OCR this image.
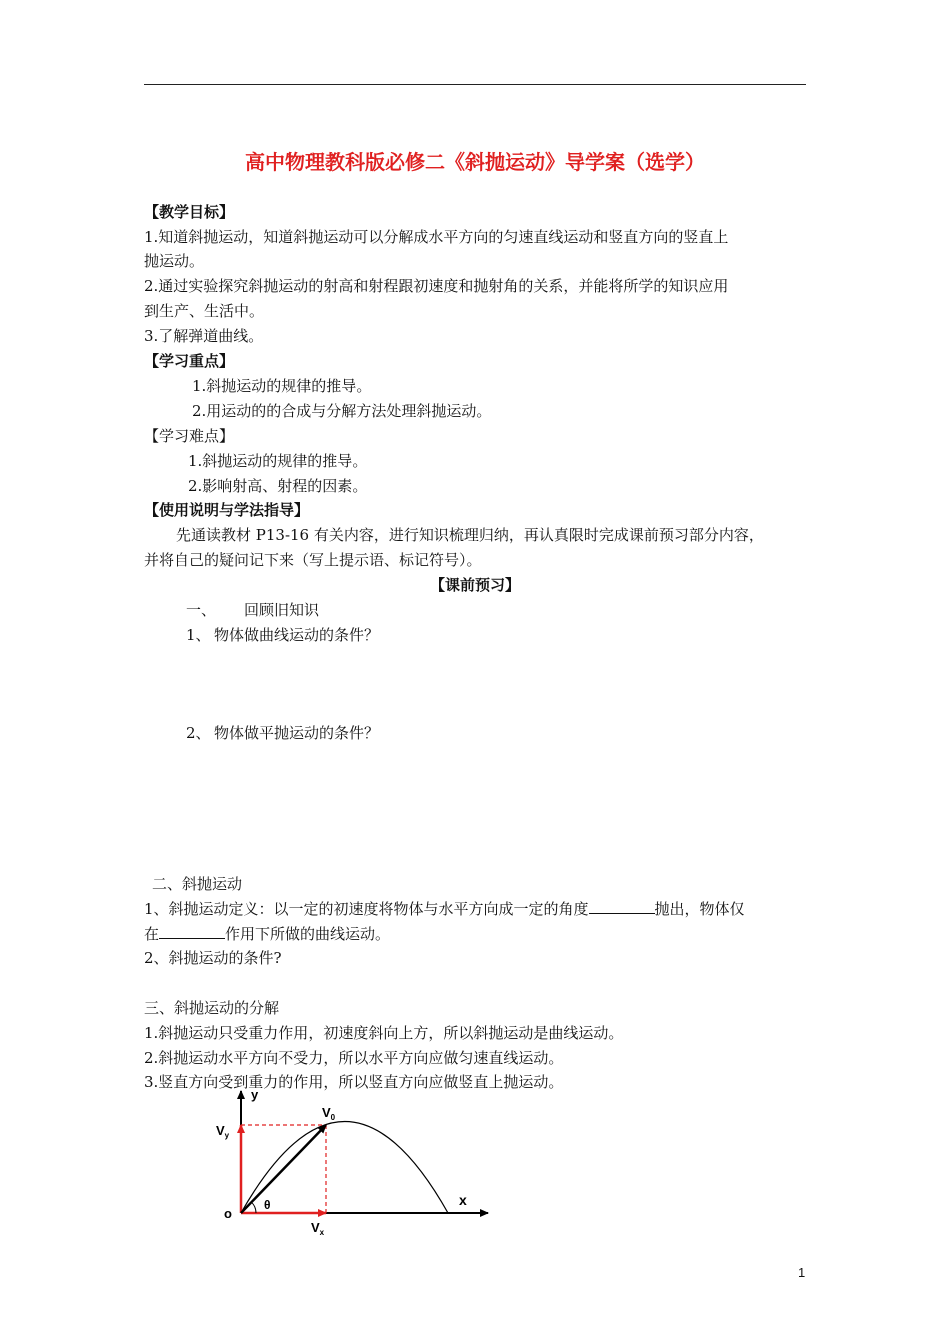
高中物理教科版必修二《斜抛运动》导学案（选学）
【教学目标】
1.知道斜抛运动，知道斜抛运动可以分解成水平方向的匀速直线运动和竖直方向的竖直上
抛运动。
2.通过实验探究斜抛运动的射高和射程跟初速度和抛射角的关系，并能将所学的知识应用
到生产、生活中。
3.了解弹道曲线。
【学习重点】
1.斜抛运动的规律的推导。
2.用运动的的合成与分解方法处理斜抛运动。
【学习难点】
1.斜抛运动的规律的推导。
2.影响射高、射程的因素。
【使用说明与学法指导】
先通读教材 P13-16 有关内容，进行知识梳理归纳，再认真限时完成课前预习部分内容，
并将自己的疑问记下来（写上提示语、标记符号）。
【课前预习】
一、 回顾旧知识
1、 物体做曲线运动的条件？
2、 物体做平抛运动的条件？
二、斜抛运动
1、斜抛运动定义：以一定的初速度将物体与水平方向成一定的角度	抛出，物体仅
在	作用下所做的曲线运动。
2、斜抛运动的条件?
三、斜抛运动的分解
1.斜抛运动只受重力作用，初速度斜向上方，所以斜抛运动是曲线运动。
2.斜抛运动水平方向不受力，所以水平方向应做匀速直线运动。
3.竖直方向受到重力的作用，所以竖直方向应做竖直上抛运动。
y
x
o
θ
$V_0$
$V_y$
$V_x$
1
